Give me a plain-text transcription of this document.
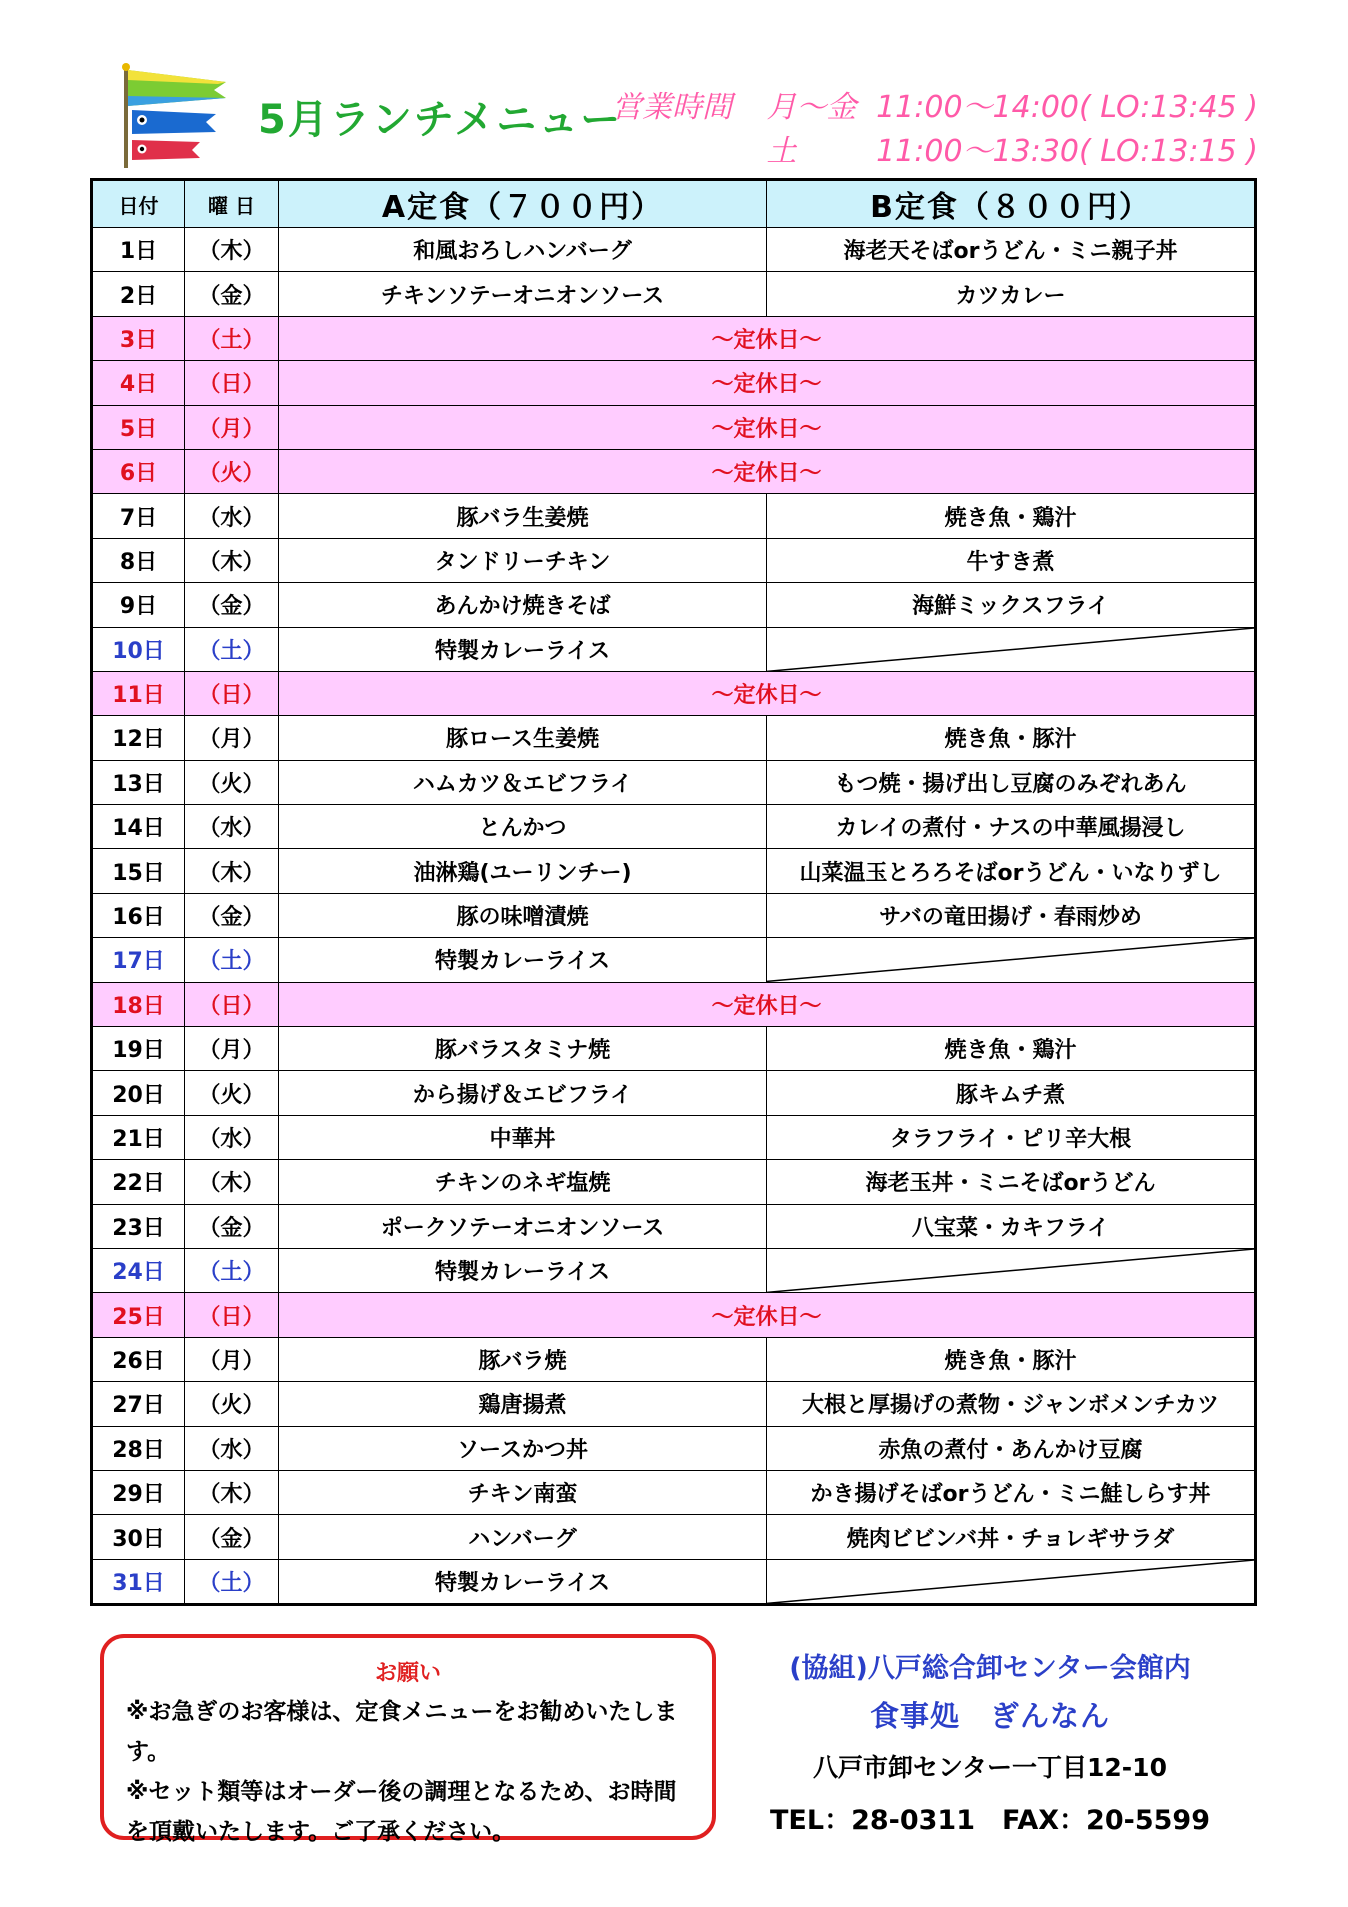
5月ランチメニュー
営業時間 月～金 11:00～14:00( LO:13:45 )
土	11:00～13:30( LO:13:15 )
日付	曜 日	A定食（７００円）	B定食（８００円）
1日	（木）	和風おろしハンバーグ	海老天そばorうどん・ミニ親子丼
2日	（金）	チキンソテーオニオンソース	カツカレー
3日	（土）	～定休日～	
4日	（日）	～定休日～	
5日	（月）	～定休日～	
6日	（火）	～定休日～	
7日	（水）	豚バラ生姜焼	焼き魚・鶏汁
8日	（木）	タンドリーチキン	牛すき煮
9日	（金）	あんかけ焼きそば	海鮮ミックスフライ
10日	（土）	特製カレーライス	

11日	（日）	～定休日～	
12日	（月）	豚ロース生姜焼	焼き魚・豚汁
13日	（火）	ハムカツ＆エビフライ	もつ焼・揚げ出し豆腐のみぞれあん
14日	（水）	とんかつ	カレイの煮付・ナスの中華風揚浸し
15日	（木）	油淋鶏(ユーリンチー)	山菜温玉とろろそばorうどん・いなりずし
16日	（金）	豚の味噌漬焼	サバの竜田揚げ・春雨炒め
17日	（土）	特製カレーライス	

18日	（日）	～定休日～	
19日	（月）	豚バラスタミナ焼	焼き魚・鶏汁
20日	（火）	から揚げ＆エビフライ	豚キムチ煮
21日	（水）	中華丼	タラフライ・ピリ辛大根
22日	（木）	チキンのネギ塩焼	海老玉丼・ミニそばorうどん
23日	（金）	ポークソテーオニオンソース	八宝菜・カキフライ
24日	（土）	特製カレーライス	

25日	（日）	～定休日～	
26日	（月）	豚バラ焼	焼き魚・豚汁
27日	（火）	鶏唐揚煮	大根と厚揚げの煮物・ジャンボメンチカツ
28日	（水）	ソースかつ丼	赤魚の煮付・あんかけ豆腐
29日	（木）	チキン南蛮	かき揚げそばorうどん・ミニ鮭しらす丼
30日	（金）	ハンバーグ	焼肉ビビンバ丼・チョレギサラダ
31日	（土）	特製カレーライス	
お願い
※お急ぎのお客様は、定食メニューをお勧めいたします。
※セット類等はオーダー後の調理となるため、お時間を頂戴いたします。ご了承ください。
(協組)八戸総合卸センター会館内
食事処　ぎんなん
八戸市卸センター一丁目12-10
TEL：28-0311　FAX：20-5599
